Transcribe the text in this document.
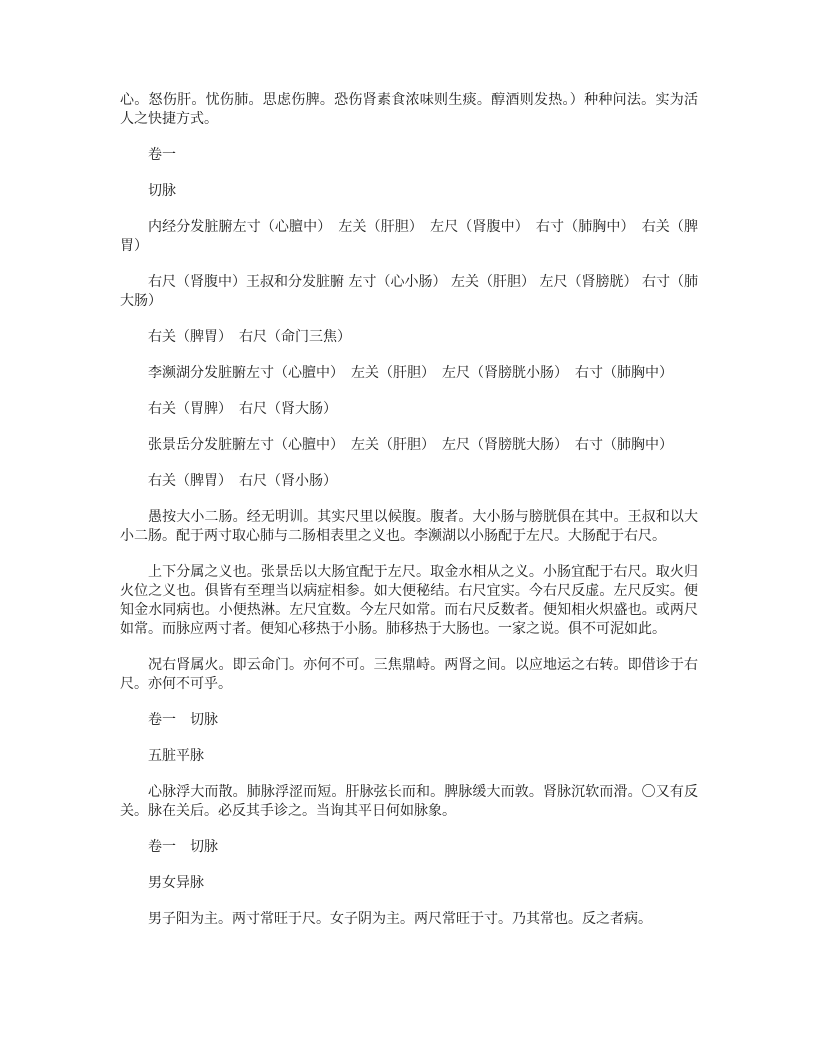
心。怒伤肝。忧伤肺。思虑伤脾。恐伤肾素食浓味则生痰。醇酒则发热。）种种问法。实为活人之快捷方式。

卷一

切脉

内经分发脏腑左寸（心膻中）　左关（肝胆）　左尺（肾腹中）　右寸（肺胸中）　右关（脾胃）

右尺（肾腹中）王叔和分发脏腑 左寸（心小肠） 左关（肝胆） 左尺（肾膀胱） 右寸（肺大肠）

右关（脾胃）　右尺（命门三焦）

李濒湖分发脏腑左寸（心膻中）　左关（肝胆）　左尺（肾膀胱小肠）　右寸（肺胸中）

右关（胃脾）　右尺（肾大肠）

张景岳分发脏腑左寸（心膻中）　左关（肝胆）　左尺（肾膀胱大肠）　右寸（肺胸中）

右关（脾胃）　右尺（肾小肠）

愚按大小二肠。经无明训。其实尺里以候腹。腹者。大小肠与膀胱俱在其中。王叔和以大小二肠。配于两寸取心肺与二肠相表里之义也。李濒湖以小肠配于左尺。大肠配于右尺。

上下分属之义也。张景岳以大肠宜配于左尺。取金水相从之义。小肠宜配于右尺。取火归火位之义也。俱皆有至理当以病症相参。如大便秘结。右尺宜实。今右尺反虚。左尺反实。便知金水同病也。小便热淋。左尺宜数。今左尺如常。而右尺反数者。便知相火炽盛也。或两尺如常。而脉应两寸者。便知心移热于小肠。肺移热于大肠也。一家之说。俱不可泥如此。

况右肾属火。即云命门。亦何不可。三焦鼎峙。两肾之间。以应地运之右转。即借诊于右尺。亦何不可乎。

卷一　切脉

五脏平脉

心脉浮大而散。肺脉浮涩而短。肝脉弦长而和。脾脉缓大而敦。肾脉沉软而滑。〇又有反关。脉在关后。必反其手诊之。当询其平日何如脉象。

卷一　切脉

男女异脉

男子阳为主。两寸常旺于尺。女子阴为主。两尺常旺于寸。乃其常也。反之者病。
